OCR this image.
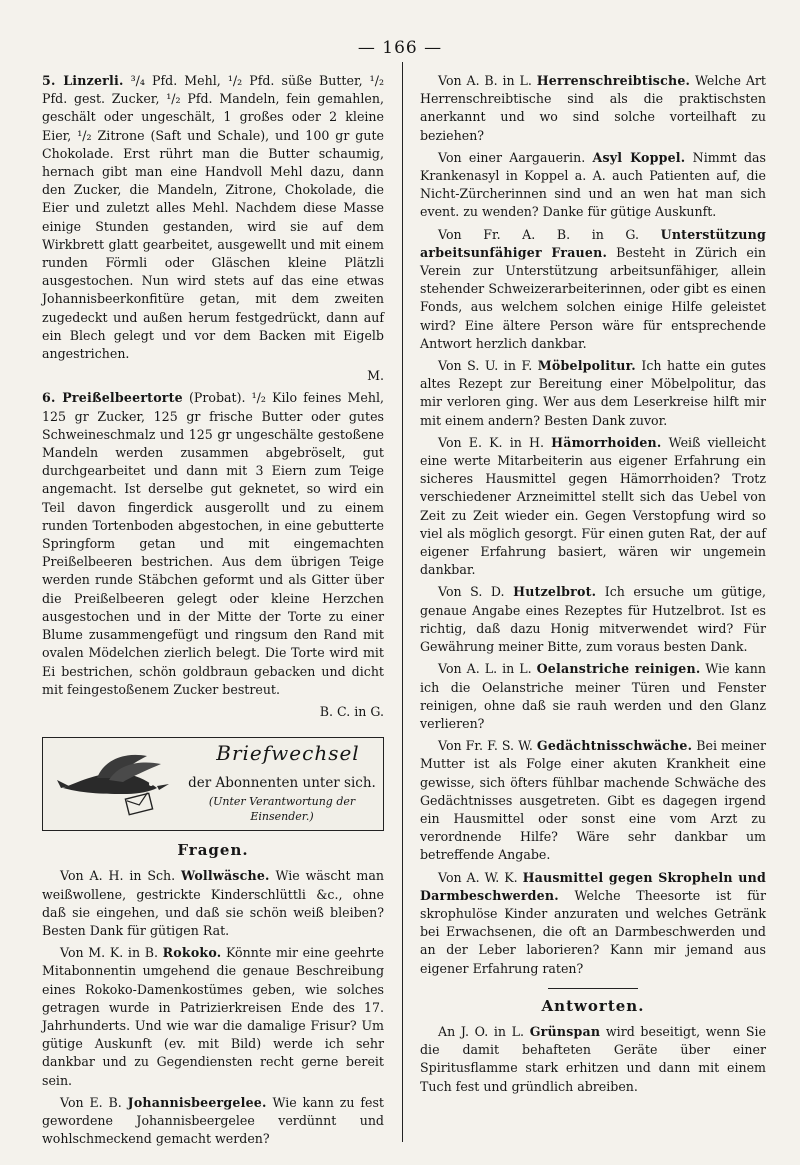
— 166 —

5. Linzerli. ³/₄ Pfd. Mehl, ¹/₂ Pfd. süße Butter, ¹/₂ Pfd. gest. Zucker, ¹/₂ Pfd. Mandeln, fein gemahlen, geschält oder ungeschält, 1 großes oder 2 kleine Eier, ¹/₂ Zitrone (Saft und Schale), und 100 gr gute Chokolade. Erst rührt man die Butter schaumig, hernach gibt man eine Handvoll Mehl dazu, dann den Zucker, die Mandeln, Zitrone, Chokolade, die Eier und zuletzt alles Mehl. Nachdem diese Masse einige Stunden gestanden, wird sie auf dem Wirkbrett glatt gearbeitet, ausgewellt und mit einem runden Förmli oder Gläschen kleine Plätzli ausgestochen. Nun wird stets auf das eine etwas Johannisbeerkonfitüre getan, mit dem zweiten zugedeckt und außen herum festgedrückt, dann auf ein Blech gelegt und vor dem Backen mit Eigelb angestrichen.

M.

6. Preißelbeertorte (Probat). ¹/₂ Kilo feines Mehl, 125 gr Zucker, 125 gr frische Butter oder gutes Schweineschmalz und 125 gr ungeschälte gestoßene Mandeln werden zusammen abgebröselt, gut durchgearbeitet und dann mit 3 Eiern zum Teige angemacht. Ist derselbe gut geknetet, so wird ein Teil davon fingerdick ausgerollt und zu einem runden Tortenboden abgestochen, in eine gebutterte Springform getan und mit eingemachten Preißelbeeren bestrichen. Aus dem übrigen Teige werden runde Stäbchen geformt und als Gitter über die Preißelbeeren gelegt oder kleine Herzchen ausgestochen und in der Mitte der Torte zu einer Blume zusammengefügt und ringsum den Rand mit ovalen Mödelchen zierlich belegt. Die Torte wird mit Ei bestrichen, schön goldbraun gebacken und dicht mit feingestoßenem Zucker bestreut.

B. C. in G.

Briefwechsel
der Abonnenten unter sich.
(Unter Verantwortung der Einsender.)
Fragen.

Von A. H. in Sch. Wollwäsche. Wie wäscht man weißwollene, gestrickte Kinderschlüttli &c., ohne daß sie eingehen, und daß sie schön weiß bleiben? Besten Dank für gütigen Rat.

Von M. K. in B. Rokoko. Könnte mir eine geehrte Mitabonnentin umgehend die genaue Beschreibung eines Rokoko-Damenkostümes geben, wie solches getragen wurde in Patrizierkreisen Ende des 17. Jahrhunderts. Und wie war die damalige Frisur? Um gütige Auskunft (ev. mit Bild) werde ich sehr dankbar und zu Gegendiensten recht gerne bereit sein.

Von E. B. Johannisbeergelee. Wie kann zu fest gewordene Johannisbeergelee verdünnt und wohlschmeckend gemacht werden?

Von A. B. in L. Herrenschreibtische. Welche Art Herrenschreibtische sind als die praktischsten anerkannt und wo sind solche vorteilhaft zu beziehen?

Von einer Aargauerin. Asyl Koppel. Nimmt das Krankenasyl in Koppel a. A. auch Patienten auf, die Nicht-Zürcherinnen sind und an wen hat man sich event. zu wenden? Danke für gütige Auskunft.

Von Fr. A. B. in G. Unterstützung arbeitsunfähiger Frauen. Besteht in Zürich ein Verein zur Unterstützung arbeitsunfähiger, allein stehender Schweizerarbeiterinnen, oder gibt es einen Fonds, aus welchem solchen einige Hilfe geleistet wird? Eine ältere Person wäre für entsprechende Antwort herzlich dankbar.

Von S. U. in F. Möbelpolitur. Ich hatte ein gutes altes Rezept zur Bereitung einer Möbelpolitur, das mir verloren ging. Wer aus dem Leserkreise hilft mir mit einem andern? Besten Dank zuvor.

Von E. K. in H. Hämorrhoiden. Weiß vielleicht eine werte Mitarbeiterin aus eigener Erfahrung ein sicheres Hausmittel gegen Hämorrhoiden? Trotz verschiedener Arzneimittel stellt sich das Uebel von Zeit zu Zeit wieder ein. Gegen Verstopfung wird so viel als möglich gesorgt. Für einen guten Rat, der auf eigener Erfahrung basiert, wären wir ungemein dankbar.

Von S. D. Hutzelbrot. Ich ersuche um gütige, genaue Angabe eines Rezeptes für Hutzelbrot. Ist es richtig, daß dazu Honig mitverwendet wird? Für Gewährung meiner Bitte, zum voraus besten Dank.

Von A. L. in L. Oelanstriche reinigen. Wie kann ich die Oelanstriche meiner Türen und Fenster reinigen, ohne daß sie rauh werden und den Glanz verlieren?

Von Fr. F. S. W. Gedächtnisschwäche. Bei meiner Mutter ist als Folge einer akuten Krankheit eine gewisse, sich öfters fühlbar machende Schwäche des Gedächtnisses ausgetreten. Gibt es dagegen irgend ein Hausmittel oder sonst eine vom Arzt zu verordnende Hilfe? Wäre sehr dankbar um betreffende Angabe.

Von A. W. K. Hausmittel gegen Skropheln und Darmbeschwerden. Welche Theesorte ist für skrophulöse Kinder anzuraten und welches Getränk bei Erwachsenen, die oft an Darmbeschwerden und an der Leber laborieren? Kann mir jemand aus eigener Erfahrung raten?

Antworten.

An J. O. in L. Grünspan wird beseitigt, wenn Sie die damit behafteten Geräte über einer Spiritusflamme stark erhitzen und dann mit einem Tuch fest und gründlich abreiben.
